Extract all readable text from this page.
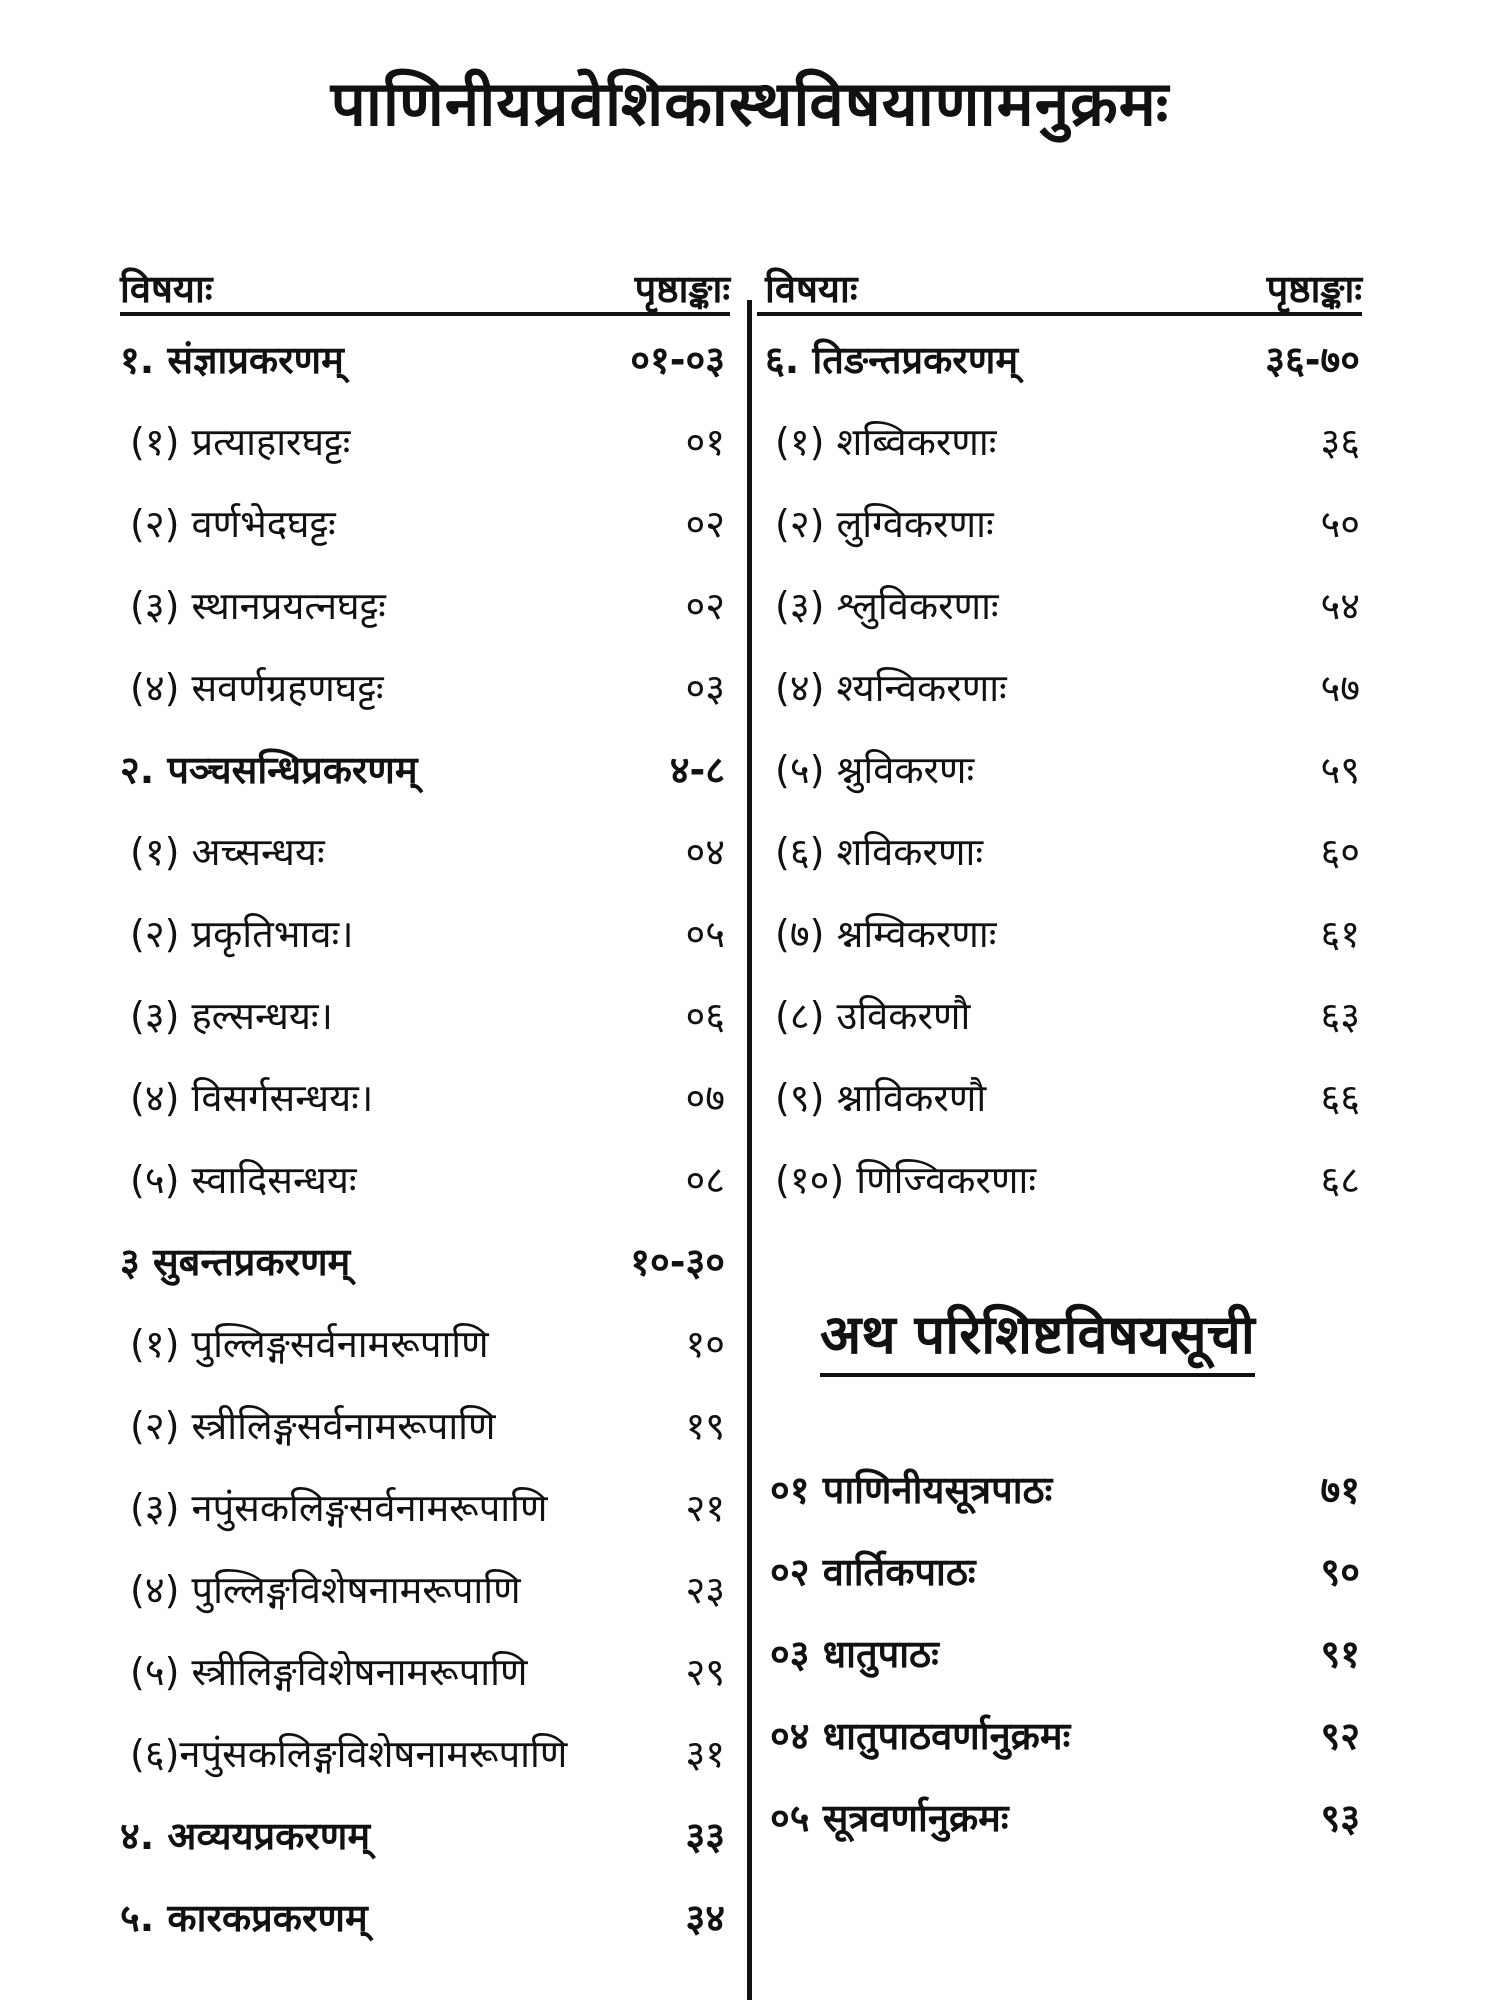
पाणिनीयप्रवेशिकास्थविषयाणामनुक्रमः
विषयाः	पृष्ठाङ्काः विषयाः	पृष्ठाङ्काः
१. संज्ञाप्रकरणम्	०१-०३
(१) प्रत्याहारघट्टः	०१
(२) वर्णभेदघट्टः	०२
(३) स्थानप्रयत्नघट्टः	०२
(४) सवर्णग्रहणघट्टः	०३
२. पञ्चसन्धिप्रकरणम्	४-८
(१) अच्सन्धयः	०४
(२) प्रकृतिभावः।	०५
(३) हल्सन्धयः।	०६
(४) विसर्गसन्धयः।	०७
(५) स्वादिसन्धयः	०८
३ सुबन्तप्रकरणम्	१०-३०
(१) पुल्लिङ्गसर्वनामरूपाणि	१०
(२) स्त्रीलिङ्गसर्वनामरूपाणि	१९
(३) नपुंसकलिङ्गसर्वनामरूपाणि	२१
(४) पुल्लिङ्गविशेषनामरूपाणि	२३
(५) स्त्रीलिङ्गविशेषनामरूपाणि	२९
(६)नपुंसकलिङ्गविशेषनामरूपाणि	३१
४. अव्ययप्रकरणम्	३३
५. कारकप्रकरणम्	३४
६. तिङन्तप्रकरणम्	३६-७०
(१) शब्विकरणाः	३६
(२) लुग्विकरणाः	५०
(३) श्लुविकरणाः	५४
(४) श्यन्विकरणाः	५७
(५) श्नुविकरणः	५९
(६) शविकरणाः	६०
(७) श्नम्विकरणाः	६१
(८) उविकरणौ	६३
(९) श्नाविकरणौ	६६
(१०) णिज्विकरणाः	६८
अथ परिशिष्टविषयसूची
०१ पाणिनीयसूत्रपाठः	७१
०२ वार्तिकपाठः	९०
०३ धातुपाठः	९१
०४ धातुपाठवर्णानुक्रमः	९२
०५ सूत्रवर्णानुक्रमः	९३
